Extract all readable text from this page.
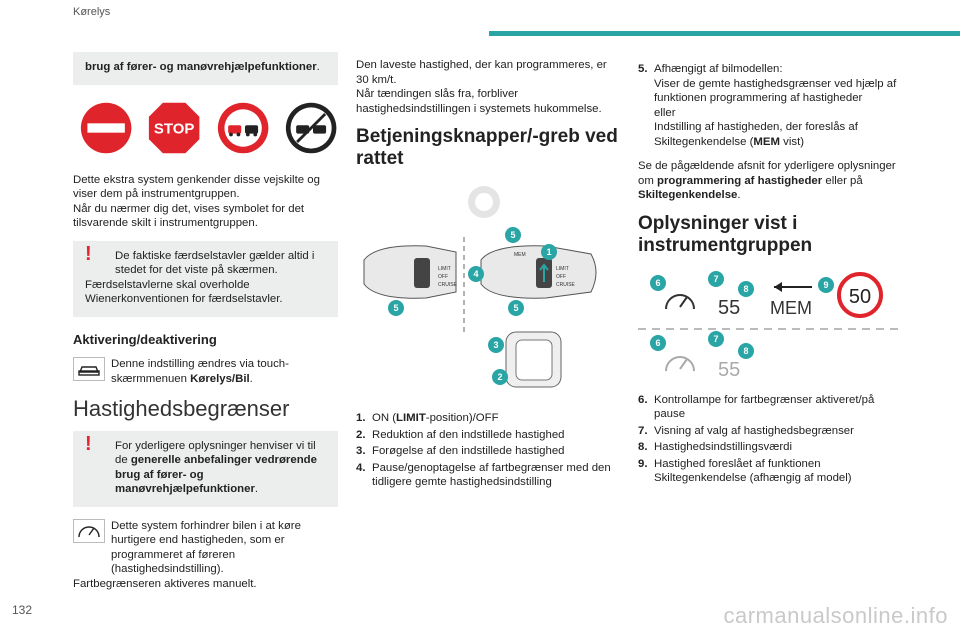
Kørelys
132	carmanualsonline.info
brug af fører- og manøvrehjælpefunktioner.
STOP

Dette ekstra system genkender disse vejskilte og viser dem på instrumentgruppen.

Når du nærmer dig det, vises symbolet for det tilsvarende skilt i instrumentgruppen.

!	De faktiske færdselstavler gælder altid i stedet for det viste på skærmen.
Færdselstavlerne skal overholde Wienerkonventionen for færdselstavler.
Aktivering/deaktivering
Denne indstilling ændres via touch-skærmmenuen Kørelys/Bil.
Hastighedsbegrænser
!	For yderligere oplysninger henviser vi til de generelle anbefalinger vedrørende brug af fører- og manøvrehjælpefunktioner.
Dette system forhindrer bilen i at køre hurtigere end hastigheden, som er programmeret af føreren (hastighedsindstilling).
Fartbegrænseren aktiveres manuelt.

Den laveste hastighed, der kan programmeres, er 30 km/t.

Når tændingen slås fra, forbliver hastighedsindstillingen i systemets hukommelse.

Betjeningsknapper/-greb ved rattet
LIMIT
OFF
CRUISE
LIMIT
OFF
CRUISE
MEM
5
1
4
5	5
3
2
1. ON (LIMIT-position)/OFF
2. Reduktion af den indstillede hastighed
3. Forøgelse af den indstillede hastighed
4. Pause/genoptagelse af fartbegrænser med den tidligere gemte hastighedsindstilling
5. Afhængigt af bilmodellen:
Viser de gemte hastighedsgrænser ved hjælp af funktionen programmering af hastigheder
eller
Indstilling af hastigheden, der foreslås af Skiltegenkendelse (MEM vist)

Se de pågældende afsnit for yderligere oplysninger om programmering af hastigheder eller på Skiltegenkendelse.

Oplysninger vist i instrumentgruppen
55 MEM 50
55
6	7
8	9
6	7
8
6. Kontrollampe for fartbegrænser aktiveret/på pause
7. Visning af valg af hastighedsbegrænser
8. Hastighedsindstillingsværdi
9. Hastighed foreslået af funktionen Skiltegenkendelse (afhængig af model)
